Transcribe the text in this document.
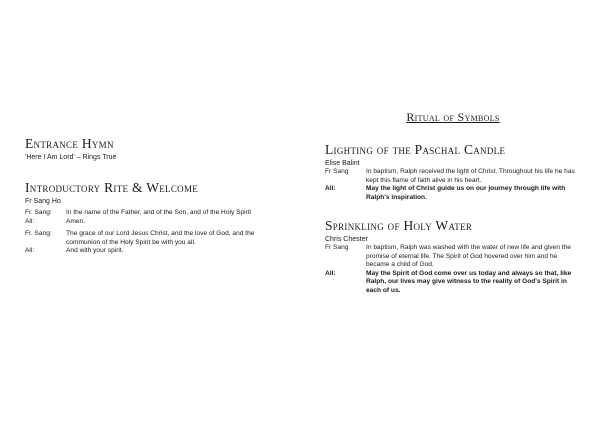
Ritual of Symbols
Entrance Hymn
'Here I Am Lord' – Rings True
Introductory Rite & Welcome
Fr Sang Ho
Fr. Sang:	In the name of the Father, and of the Son, and of the Holy Spirit
All:	Amen.
Fr. Sang:	The grace of our Lord Jesus Christ, and the love of God, and the communion of the Holy Spirit be with you all.
All:	And with your spirit.
Lighting of the Paschal Candle
Elise Balint
Fr Sang	In baptism, Ralph received the light of Christ. Throughout his life he has kept this flame of faith alive in his heart.
All:	May the light of Christ guide us on our journey through life with Ralph's inspiration.
Sprinkling of Holy Water
Chris Chester
Fr Sang	In baptism, Ralph was washed with the water of new life and given the promise of eternal life. The Spirit of God hovered over him and he became a child of God.
All:	May the Spirit of God come over us today and always so that, like Ralph, our lives may give witness to the reality of God's Spirit in each of us.
